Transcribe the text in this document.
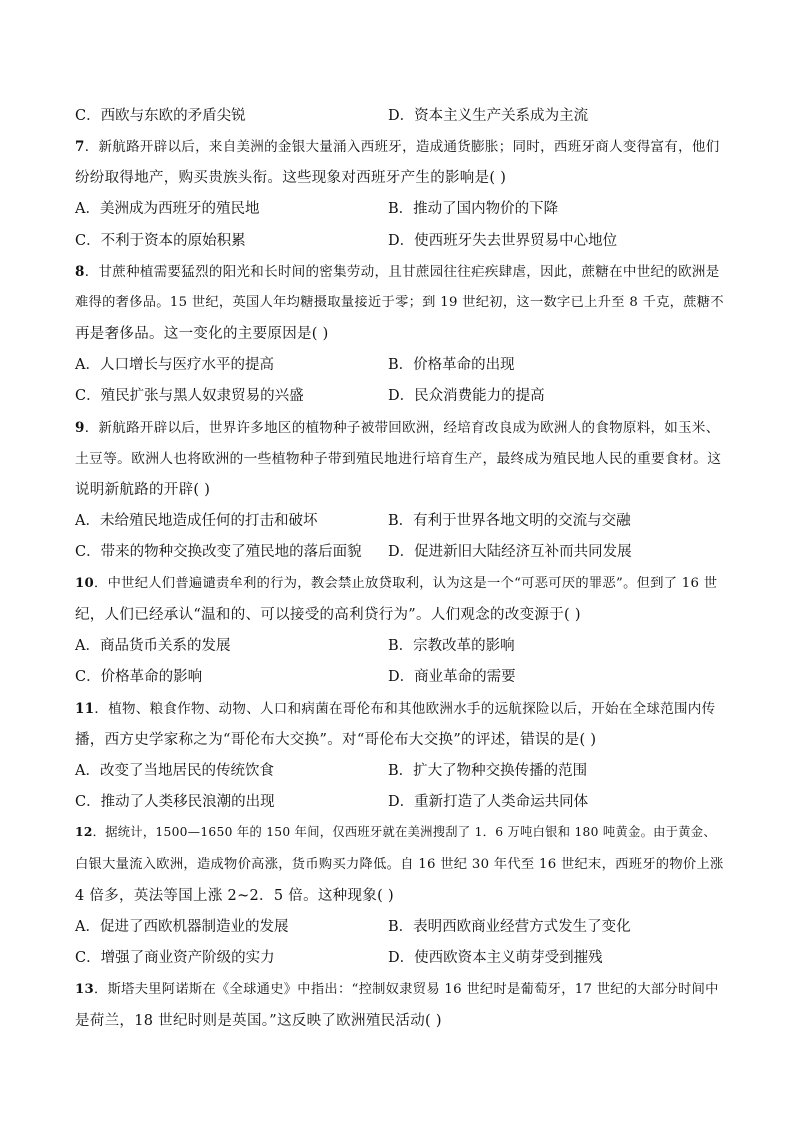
C．西欧与东欧的矛盾尖锐	D．资本主义生产关系成为主流
7．新航路开辟以后，来自美洲的金银大量涌入西班牙，造成通货膨胀；同时，西班牙商人变得富有，他们
纷纷取得地产，购买贵族头衔。这些现象对西班牙产生的影响是( )
A．美洲成为西班牙的殖民地	B．推动了国内物价的下降
C．不利于资本的原始积累	D．使西班牙失去世界贸易中心地位
8．甘蔗种植需要猛烈的阳光和长时间的密集劳动，且甘蔗园往往疟疾肆虐，因此，蔗糖在中世纪的欧洲是
难得的奢侈品。15 世纪，英国人年均糖摄取量接近于零；到 19 世纪初，这一数字已上升至 8 千克，蔗糖不
再是奢侈品。这一变化的主要原因是( )
A．人口增长与医疗水平的提高	B．价格革命的出现
C．殖民扩张与黑人奴隶贸易的兴盛	D．民众消费能力的提高
9．新航路开辟以后，世界许多地区的植物种子被带回欧洲，经培育改良成为欧洲人的食物原料，如玉米、
土豆等。欧洲人也将欧洲的一些植物种子带到殖民地进行培育生产，最终成为殖民地人民的重要食材。这
说明新航路的开辟( )
A．未给殖民地造成任何的打击和破坏	B．有利于世界各地文明的交流与交融
C．带来的物种交换改变了殖民地的落后面貌 D．促进新旧大陆经济互补而共同发展
10．中世纪人们普遍谴责牟利的行为，教会禁止放贷取利，认为这是一个“可恶可厌的罪恶”。但到了 16 世
纪，人们已经承认“温和的、可以接受的高利贷行为”。人们观念的改变源于( )
A．商品货币关系的发展	B．宗教改革的影响
C．价格革命的影响	D．商业革命的需要
11．植物、粮食作物、动物、人口和病菌在哥伦布和其他欧洲水手的远航探险以后，开始在全球范围内传
播，西方史学家称之为“哥伦布大交换”。对“哥伦布大交换”的评述，错误的是( )
A．改变了当地居民的传统饮食	B．扩大了物种交换传播的范围
C．推动了人类移民浪潮的出现	D．重新打造了人类命运共同体
12．据统计，1500—1650 年的 150 年间，仅西班牙就在美洲搜刮了 1．6 万吨白银和 180 吨黄金。由于黄金、
白银大量流入欧洲，造成物价高涨，货币购买力降低。自 16 世纪 30 年代至 16 世纪末，西班牙的物价上涨
4 倍多，英法等国上涨 2~2．5 倍。这种现象( )
A．促进了西欧机器制造业的发展	B．表明西欧商业经营方式发生了变化
C．增强了商业资产阶级的实力	D．使西欧资本主义萌芽受到摧残
13．斯塔夫里阿诺斯在《全球通史》中指出：“控制奴隶贸易 16 世纪时是葡萄牙，17 世纪的大部分时间中
是荷兰，18 世纪时则是英国。”这反映了欧洲殖民活动( )
